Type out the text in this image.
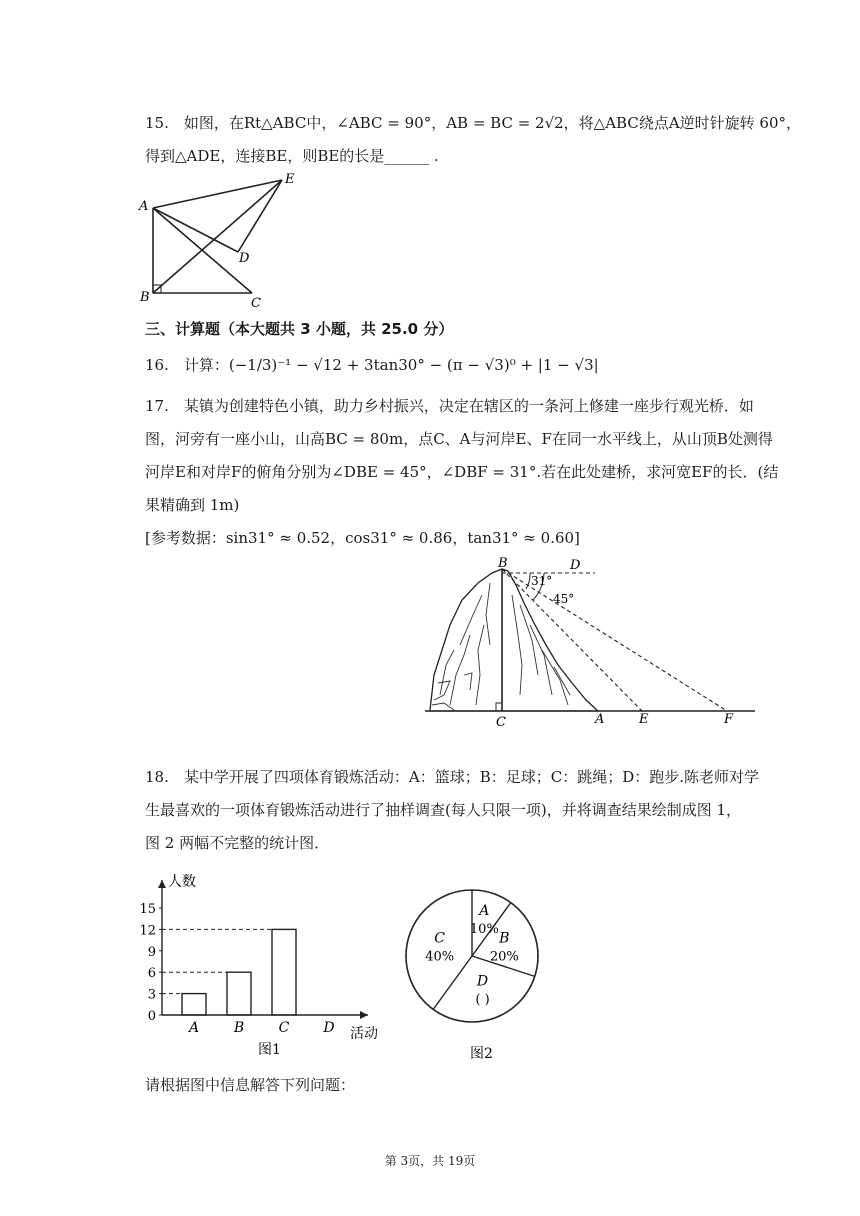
15.　如图，在Rt△ABC中，∠ABC = 90°，AB = BC = 2√2，将△ABC绕点A逆时针旋转 60°，
得到△ADE，连接BE，则BE的长是______ .
A
B	C
D
E
三、计算题（本大题共 3 小题，共 25.0 分）
16.　计算：(−1/3)⁻¹ − √12 + 3tan30° − (π − √3)⁰ + |1 − √3|
17.　某镇为创建特色小镇，助力乡村振兴，决定在辖区的一条河上修建一座步行观光桥．如
图，河旁有一座小山，山高BC = 80m，点C、A与河岸E、F在同一水平线上，从山顶B处测得
河岸E和对岸F的俯角分别为∠DBE = 45°，∠DBF = 31°.若在此处建桥，求河宽EF的长．(结
果精确到 1m)
[参考数据：sin31° ≈ 0.52，cos31° ≈ 0.86，tan31° ≈ 0.60]
B	D
31°
45°
C	A	E	F
18.　某中学开展了四项体育锻炼活动：A：篮球；B：足球；C：跳绳；D：跑步.陈老师对学
生最喜欢的一项体育锻炼活动进行了抽样调查(每人只限一项)，并将调查结果绘制成图 1，
图 2 两幅不完整的统计图．
0
3
6
9
12
15
A B C D
人数
活动
图1
A
10%
B
20%
D
( )
C
40%
图2
请根据图中信息解答下列问题：
第 3页，共 19页
